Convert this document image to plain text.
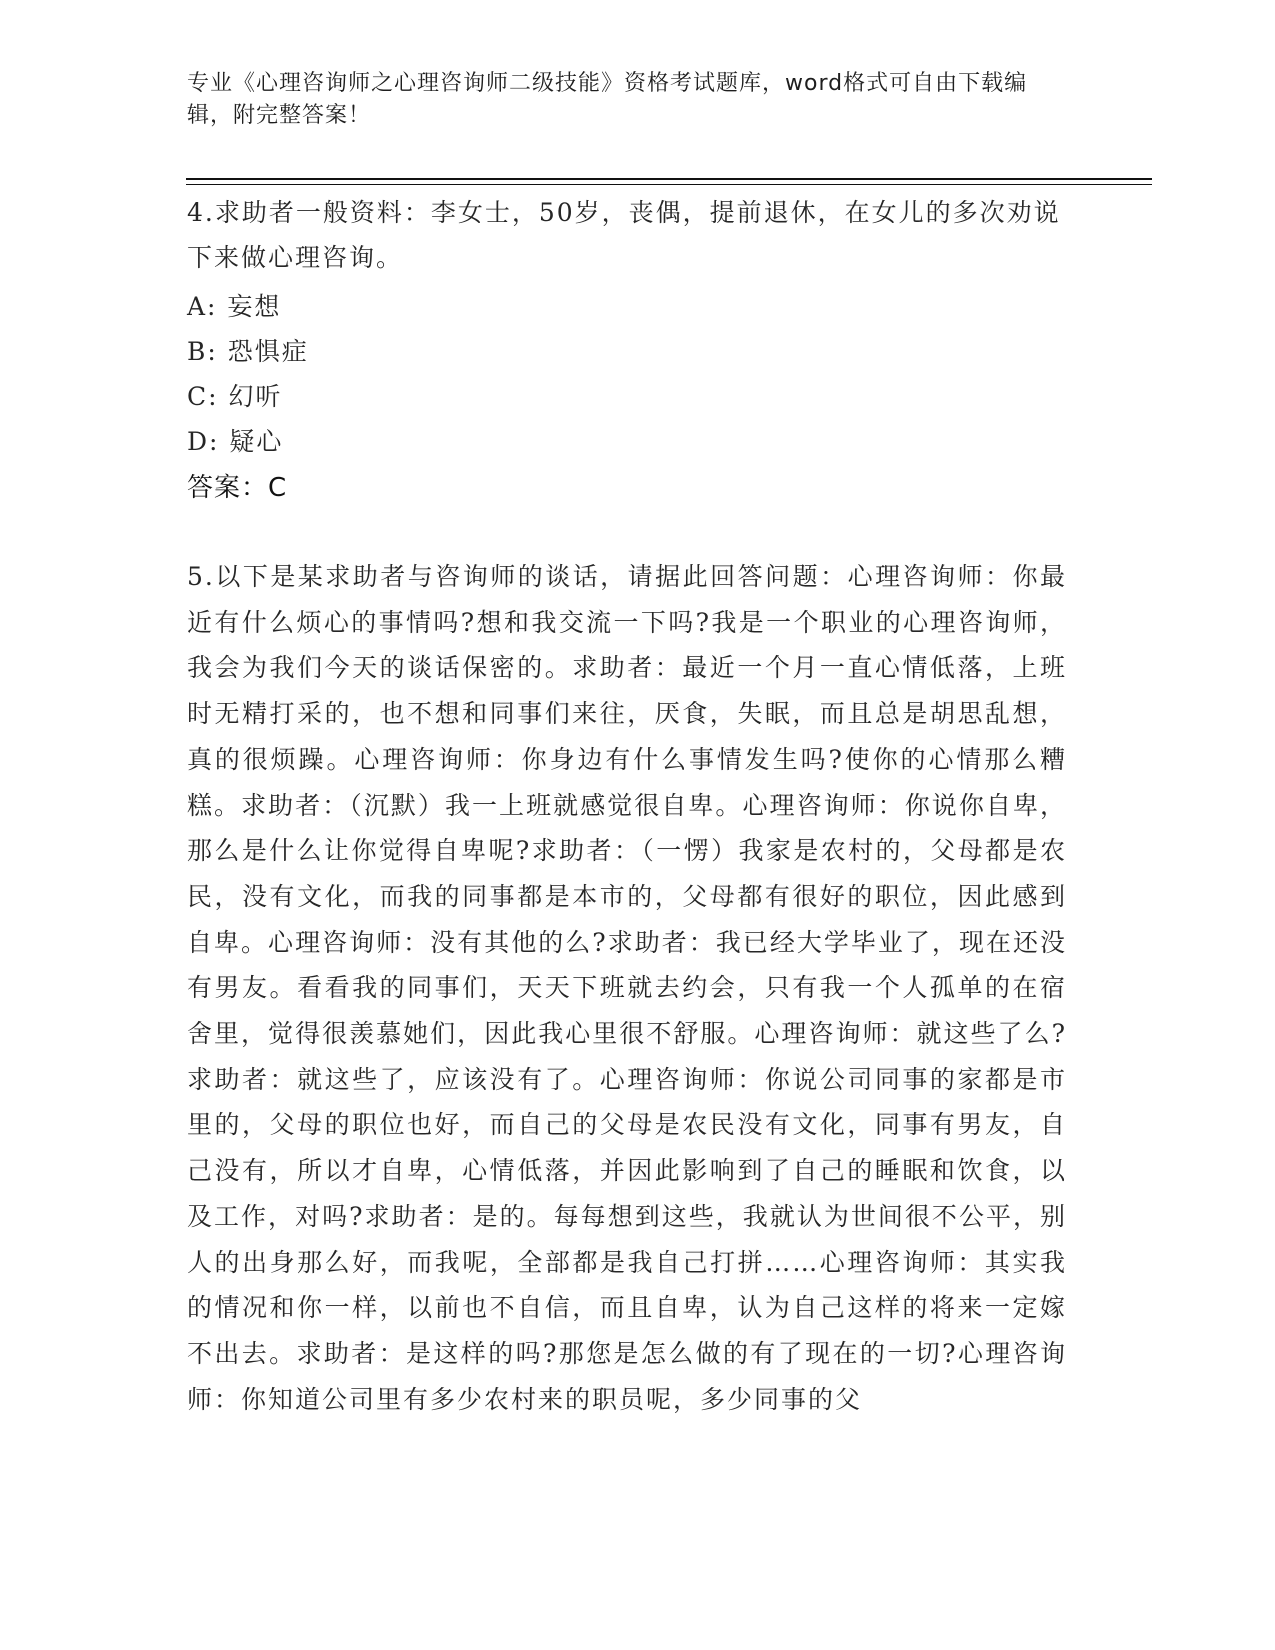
专业《心理咨询师之心理咨询师二级技能》资格考试题库，word格式可自由下载编辑，附完整答案！

4.求助者一般资料：李女士，50岁，丧偶，提前退休，在女儿的多次劝说下来做心理咨询。

A: 妄想
B: 恐惧症
C: 幻听
D: 疑心
答案：C

5.以下是某求助者与咨询师的谈话，请据此回答问题：心理咨询师：你最近有什么烦心的事情吗?想和我交流一下吗?我是一个职业的心理咨询师，我会为我们今天的谈话保密的。求助者：最近一个月一直心情低落，上班时无精打采的，也不想和同事们来往，厌食，失眠，而且总是胡思乱想，真的很烦躁。心理咨询师：你身边有什么事情发生吗?使你的心情那么糟糕。求助者：（沉默）我一上班就感觉很自卑。心理咨询师：你说你自卑，那么是什么让你觉得自卑呢?求助者：（一愣）我家是农村的，父母都是农民，没有文化，而我的同事都是本市的，父母都有很好的职位，因此感到自卑。心理咨询师：没有其他的么?求助者：我已经大学毕业了，现在还没有男友。看看我的同事们，天天下班就去约会，只有我一个人孤单的在宿舍里，觉得很羡慕她们，因此我心里很不舒服。心理咨询师：就这些了么?求助者：就这些了，应该没有了。心理咨询师：你说公司同事的家都是市里的，父母的职位也好，而自己的父母是农民没有文化，同事有男友，自己没有，所以才自卑，心情低落，并因此影响到了自己的睡眠和饮食，以及工作，对吗?求助者：是的。每每想到这些，我就认为世间很不公平，别人的出身那么好，而我呢，全部都是我自己打拼……心理咨询师：其实我的情况和你一样，以前也不自信，而且自卑，认为自己这样的将来一定嫁不出去。求助者：是这样的吗?那您是怎么做的有了现在的一切?心理咨询师：你知道公司里有多少农村来的职员呢，多少同事的父
